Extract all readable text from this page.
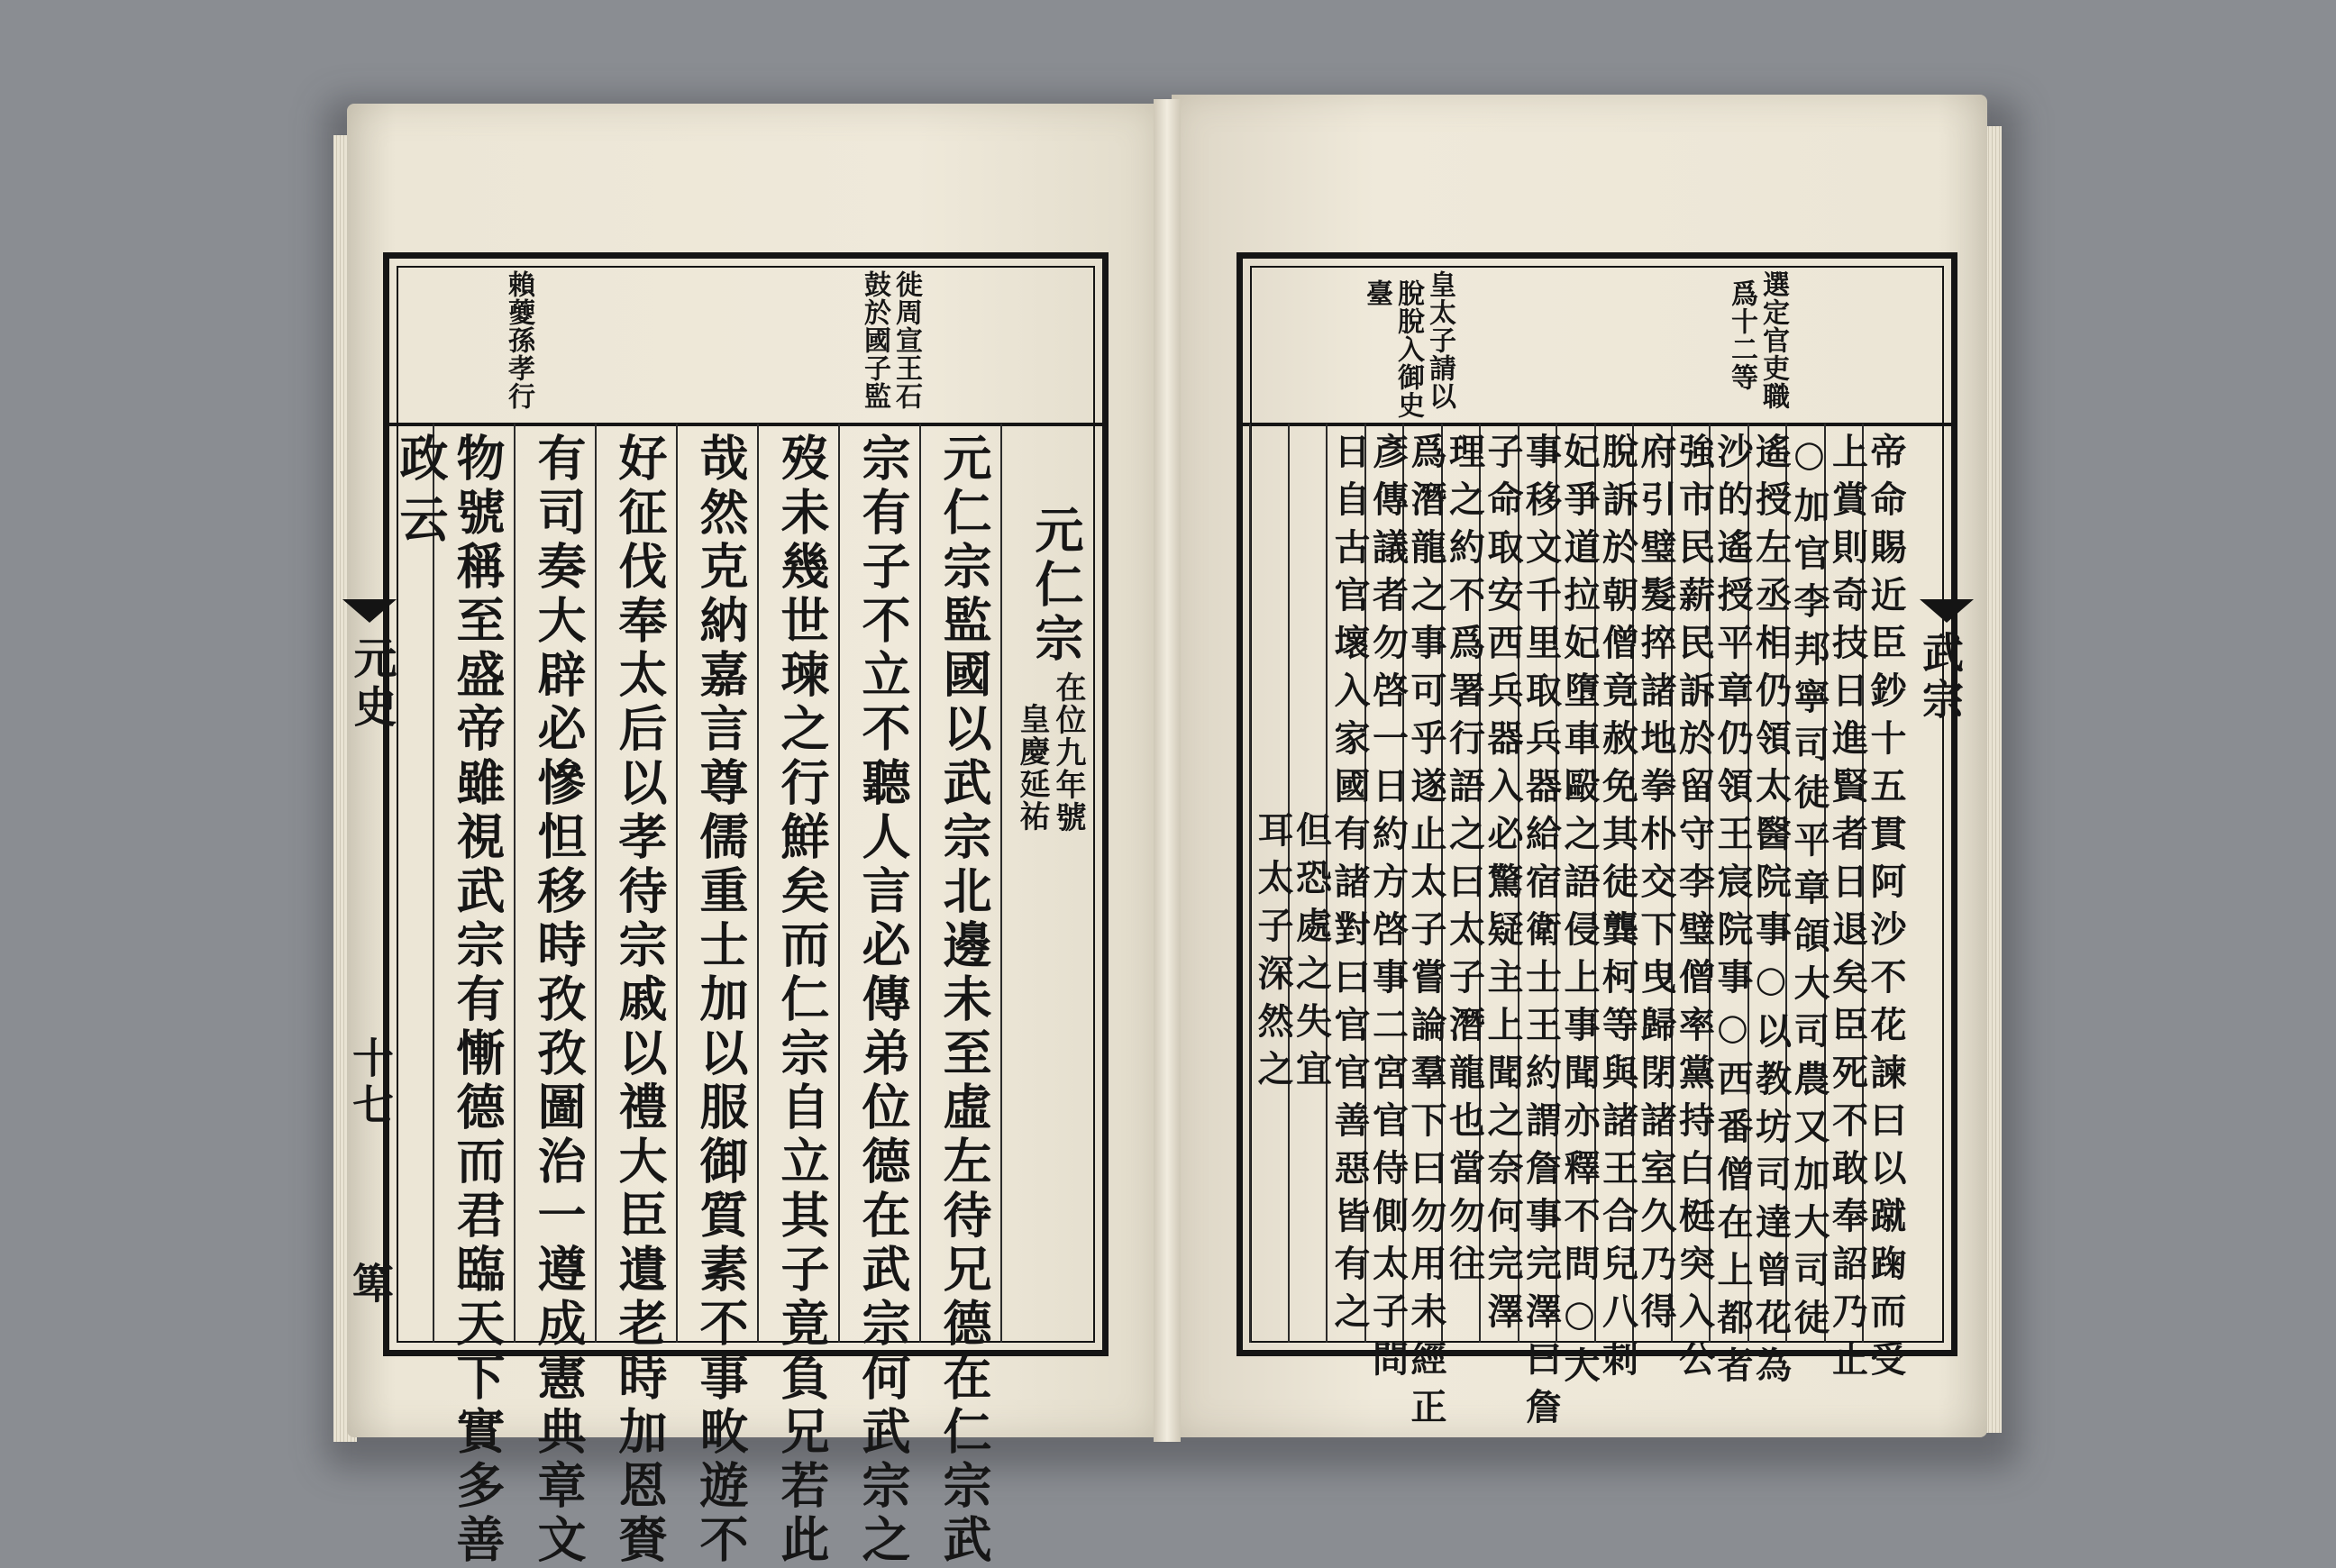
徙周宣王石
鼓於國子監
賴䕫孫孝行
元仁宗
在位九年號
皇慶延祐
元仁宗監國以武宗北邊未至虛左待兄德在仁宗武
宗有子不立不聽人言必傳弟位德在武宗何武宗之
歿未幾世瑓之行鮮矣而仁宗自立其子竟負兄若此
哉然克納嘉言尊儒重士加以服御質素不事畋遊不
好征伐奉太后以孝待宗戚以禮大臣遺老時加恩賚
有司奏大辟必慘怛移時孜孜圖治一遵成憲典章文
物號稱至盛帝雖視武宗有慚德而君臨天下實多善
政云
元史
十七
箄
選定官吏職
爲十二等
皇太子請以
脫脫入御史
臺
武宗
帝命賜近臣鈔十五貫阿沙不花諫曰以蹴踘而受
上賞則奇技日進賢者日退矣臣死不敢奉詔乃止
○加官李邦寧司徒平章頜大司農又加大司徒
遙授左丞相仍領太醫院事○以教坊司達曾花為
沙的遙授平章仍領王宸院事○西番僧在上都者
強市民薪民訴於留守李璧僧率黨持白梃突入公
府引璧髮捽諸地拳朴交下曳歸閉諸室久乃得
脫訴於朝僧竟赦免其徒龔柯等與諸王合兒八刺
妃爭道拉妃墮車毆之語侵上事聞亦釋不問○大
事移文千里取兵器給宿衛士王約謂詹事完澤曰詹
子命取安西兵器入必驚疑主上聞之奈何完澤
理之約不爲署行語之曰太子潛龍也當勿往
爲潛龍之事可乎遂止太子嘗論羣下曰勿用未經正
彥傳議者勿啓一日約方啓事二宮官侍側太子問
日自古官壞入家國有諸對曰官官善惡皆有之
但恐處之失宜
耳太子深然之
